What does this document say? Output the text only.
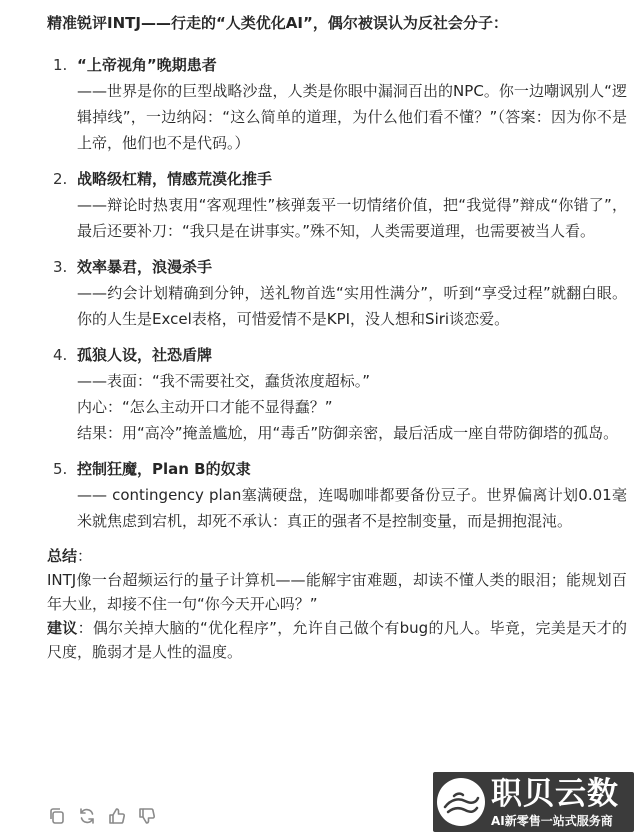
精准锐评INTJ——行走的“人类优化AI”，偶尔被误认为反社会分子：
1. “上帝视角”晚期患者
——世界是你的巨型战略沙盘，人类是你眼中漏洞百出的NPC。你一边嘲讽别人“逻辑掉线”，一边纳闷：“这么简单的道理，为什么他们看不懂？”（答案：因为你不是上帝，他们也不是代码。）
2. 战略级杠精，情感荒漠化推手
——辩论时热衷用“客观理性”核弹轰平一切情绪价值，把“我觉得”辩成“你错了”，最后还要补刀：“我只是在讲事实。”殊不知，人类需要道理，也需要被当人看。
3. 效率暴君，浪漫杀手
——约会计划精确到分钟，送礼物首选“实用性满分”，听到“享受过程”就翻白眼。你的人生是Excel表格，可惜爱情不是KPI，没人想和Siri谈恋爱。
4. 孤狼人设，社恐盾牌
——表面：“我不需要社交，蠢货浓度超标。”
内心：“怎么主动开口才能不显得蠢？”
结果：用“高冷”掩盖尴尬，用“毒舌”防御亲密，最后活成一座自带防御塔的孤岛。
5. 控制狂魔，Plan B的奴隶
—— contingency plan塞满硬盘，连喝咖啡都要备份豆子。世界偏离计划0.01毫米就焦虑到宕机，却死不承认：真正的强者不是控制变量，而是拥抱混沌。
总结：

INTJ像一台超频运行的量子计算机——能解宇宙难题，却读不懂人类的眼泪；能规划百年大业，却接不住一句“你今天开心吗？”

建议：偶尔关掉大脑的“优化程序”，允许自己做个有bug的凡人。毕竟，完美是天才的尺度，脆弱才是人性的温度。

职贝云数
AI新零售一站式服务商
